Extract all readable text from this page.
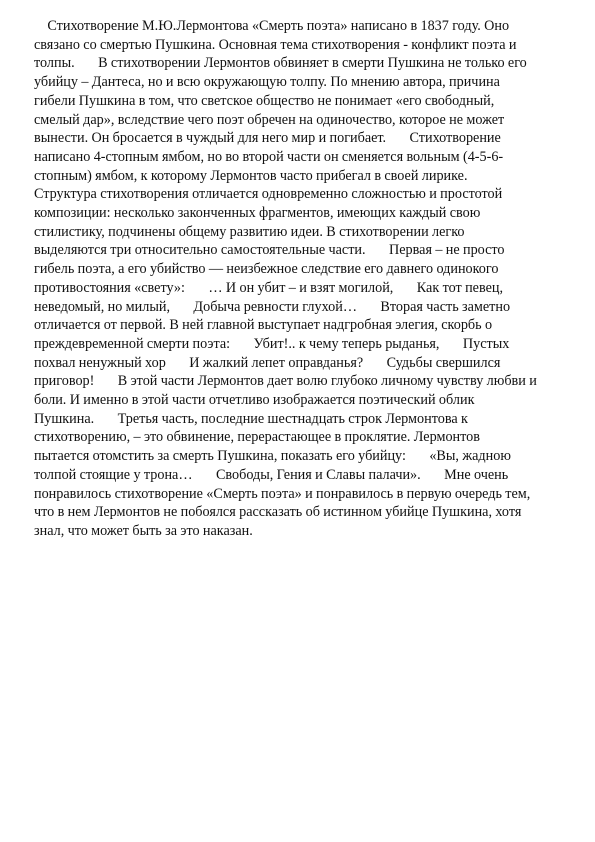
Стихотворение М.Ю.Лермонтова «Смерть поэта» написано в 1837 году. Оно
связано со смертью Пушкина. Основная тема стихотворения - конфликт поэта и
толпы.       В стихотворении Лермонтов обвиняет в смерти Пушкина не только его
убийцу – Дантеса, но и всю окружающую толпу. По мнению автора, причина
гибели Пушкина в том, что светское общество не понимает «его свободный,
смелый дар», вследствие чего поэт обречен на одиночество, которое не может
вынести. Он бросается в чуждый для него мир и погибает.       Стихотворение
написано 4-стопным ямбом, но во второй части он сменяется вольным (4-5-6-
стопным) ямбом, к которому Лермонтов часто прибегал в своей лирике.
Структура стихотворения отличается одновременно сложностью и простотой
композиции: несколько законченных фрагментов, имеющих каждый свою
стилистику, подчинены общему развитию идеи. В стихотворении легко
выделяются три относительно самостоятельные части.       Первая – не просто
гибель поэта, а его убийство — неизбежное следствие его давнего одинокого
противостояния «свету»:       … И он убит – и взят могилой,       Как тот певец,
неведомый, но милый,       Добыча ревности глухой…       Вторая часть заметно
отличается от первой. В ней главной выступает надгробная элегия, скорбь о
преждевременной смерти поэта:       Убит!.. к чему теперь рыданья,       Пустых
похвал ненужный хор       И жалкий лепет оправданья?       Судьбы свершился
приговор!       В этой части Лермонтов дает волю глубоко личному чувству любви и
боли. И именно в этой части отчетливо изображается поэтический облик
Пушкина.       Третья часть, последние шестнадцать строк Лермонтова к
стихотворению, – это обвинение, перерастающее в проклятие. Лермонтов
пытается отомстить за смерть Пушкина, показать его убийцу:       «Вы, жадною
толпой стоящие у трона…       Свободы, Гения и Славы палачи».       Мне очень
понравилось стихотворение «Смерть поэта» и понравилось в первую очередь тем,
что в нем Лермонтов не побоялся рассказать об истинном убийце Пушкина, хотя
знал, что может быть за это наказан.
